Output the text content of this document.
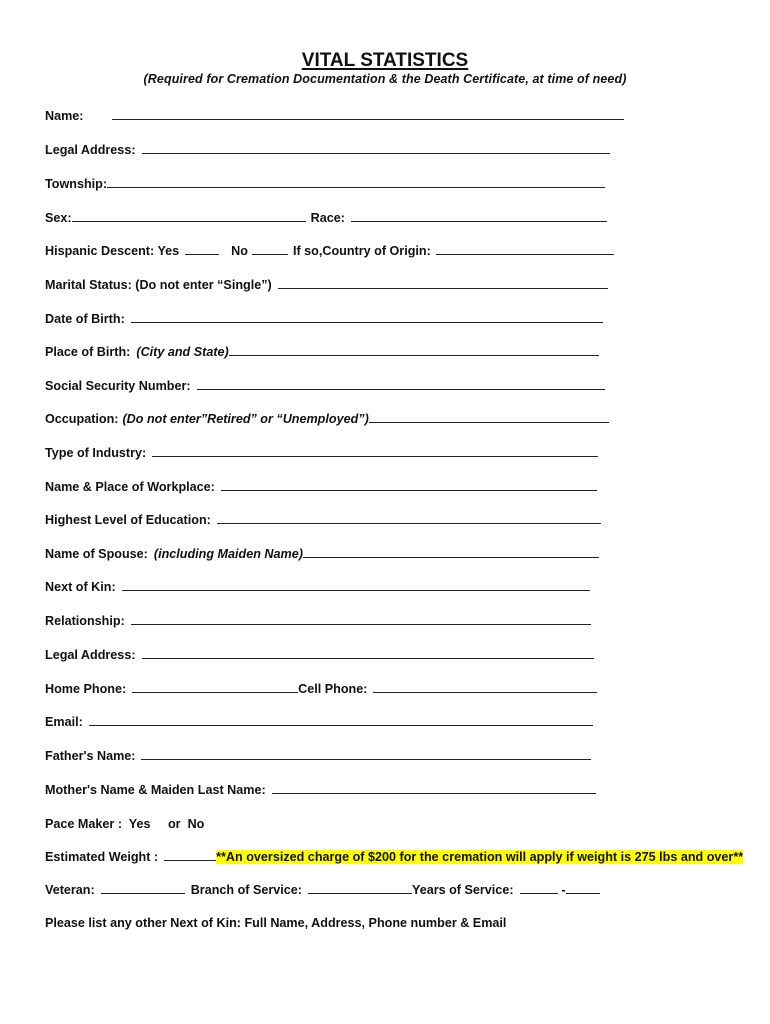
VITAL STATISTICS
(Required for Cremation Documentation & the Death Certificate, at time of need)
Name:
Legal Address:
Township:
Sex:	Race:
Hispanic Descent: Yes	No	If so,Country of Origin:
Marital Status: (Do not enter “Single”)
Date of Birth:
Place of Birth: (City and State)
Social Security Number:
Occupation: (Do not enter”Retired” or “Unemployed”)
Type of Industry:
Name & Place of Workplace:
Highest Level of Education:
Name of Spouse: (including Maiden Name)
Next of Kin:
Relationship:
Legal Address:
Home Phone:	Cell Phone:
Email:
Father's Name:
Mother's Name & Maiden Last Name:
Pace Maker :  Yes     or  No
Estimated Weight :	**An oversized charge of $200 for the cremation will apply if weight is 275 lbs and over**
Veteran:	Branch of Service:	Years of Service:	-
Please list any other Next of Kin: Full Name, Address, Phone number & Email
